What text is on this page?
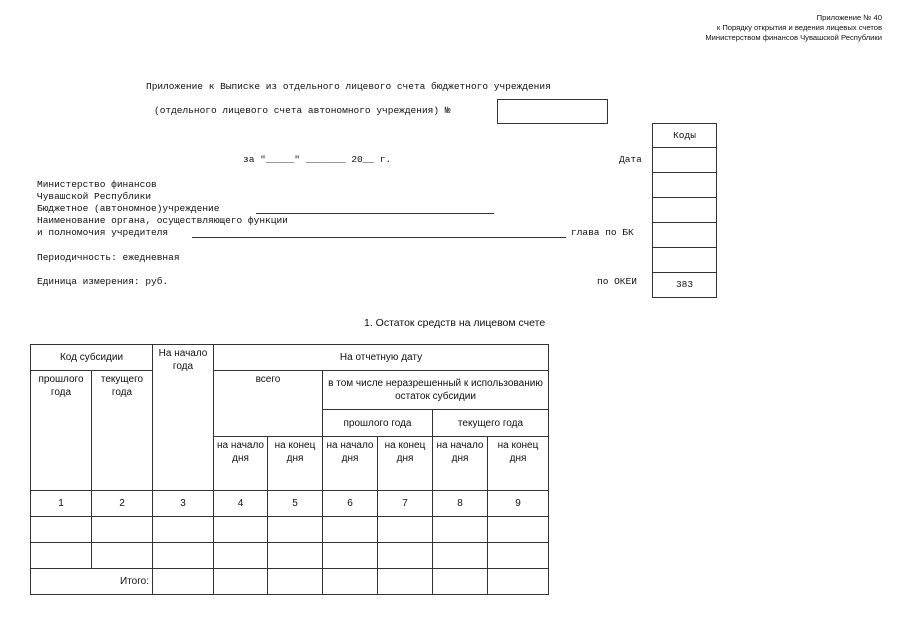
Приложение № 40
к Порядку открытия и ведения лицевых счетов
Министерством финансов Чувашской Республики
Приложение к Выписке из отдельного лицевого счета бюджетного учреждения
(отдельного лицевого счета автономного учреждения) №
за "_____" _______ 20__ г.	Дата
Министерство финансов
Чувашской Республики
Бюджетное (автономное)учреждение
Наименование органа, осуществляющего функции
и полномочия учредителя	глава по БК
Периодичность: ежедневная
Единица измерения: руб.	по ОКЕИ
Коды
383
1. Остаток средств на лицевом счете
Код субсидии		На начало года	На отчетную дату					
прошлого года	текущего года		всего		в том числе неразрешенный к использованию остаток субсидии			
					прошлого года		текущего года	
			на начало дня	на конец дня	на начало дня	на конец дня	на начало дня	на конец дня
1	2	3	4	5	6	7	8	9

Итого:								
